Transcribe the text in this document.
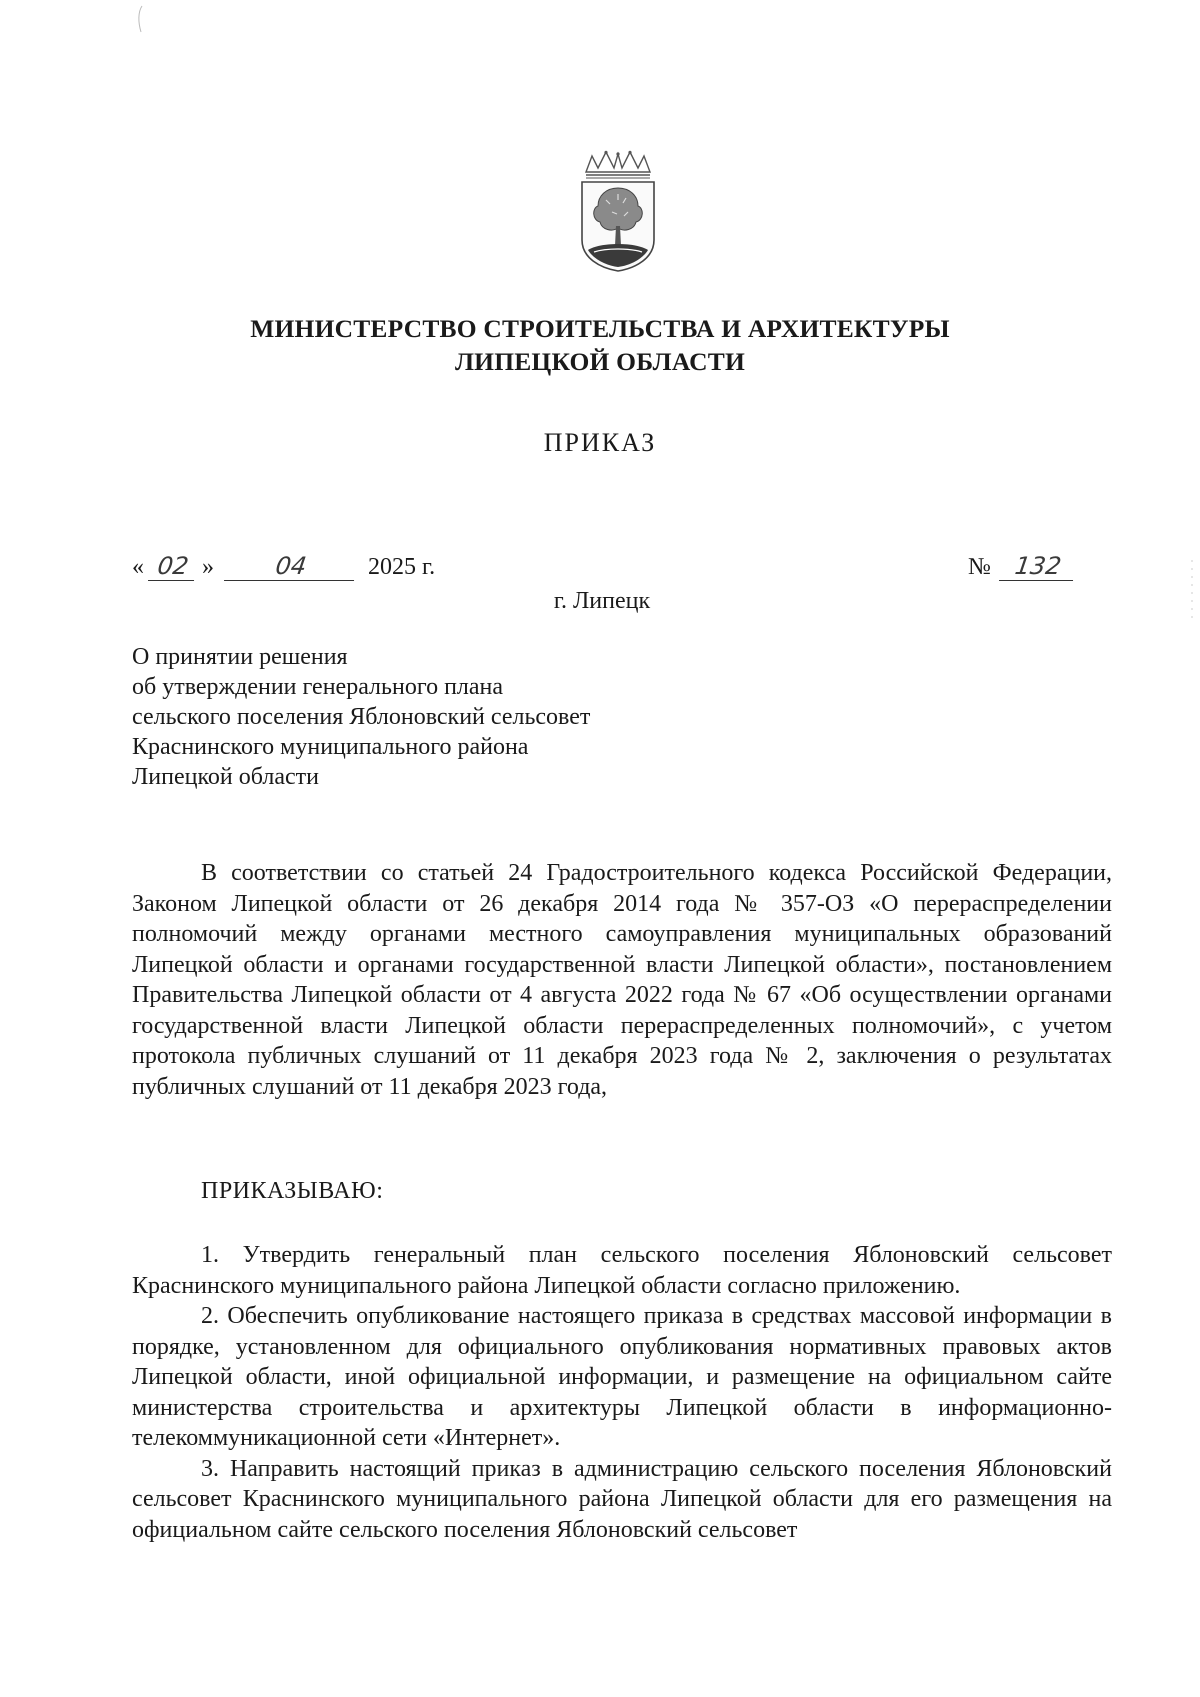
МИНИСТЕРСТВО СТРОИТЕЛЬСТВА И АРХИТЕКТУРЫ
ЛИПЕЦКОЙ ОБЛАСТИ
ПРИКАЗ
« 02 » 04 2025 г.	№ 132
г. Липецк
О принятии решения
об утверждении генерального плана
сельского поселения Яблоновский сельсовет
Краснинского муниципального района
Липецкой области

В соответствии со статьей 24 Градостроительного кодекса Российской Федерации, Законом Липецкой области от 26 декабря 2014 года № 357-ОЗ «О перераспределении полномочий между органами местного самоуправления муниципальных образований Липецкой области и органами государственной власти Липецкой области», постановлением Правительства Липецкой области от 4 августа 2022 года № 67 «Об осуществлении органами государственной власти Липецкой области перераспределенных полномочий», с учетом протокола публичных слушаний от 11 декабря 2023 года № 2, заключения о результатах публичных слушаний от 11 декабря 2023 года,

ПРИКАЗЫВАЮ:

1. Утвердить генеральный план сельского поселения Яблоновский сельсовет Краснинского муниципального района Липецкой области согласно приложению.

2. Обеспечить опубликование настоящего приказа в средствах массовой информации в порядке, установленном для официального опубликования нормативных правовых актов Липецкой области, иной официальной информации, и размещение на официальном сайте министерства строительства и архитектуры Липецкой области в информационно-телекоммуникационной сети «Интернет».

3. Направить настоящий приказ в администрацию сельского поселения Яблоновский сельсовет Краснинского муниципального района Липецкой области для его размещения на официальном сайте сельского поселения Яблоновский сельсовет
